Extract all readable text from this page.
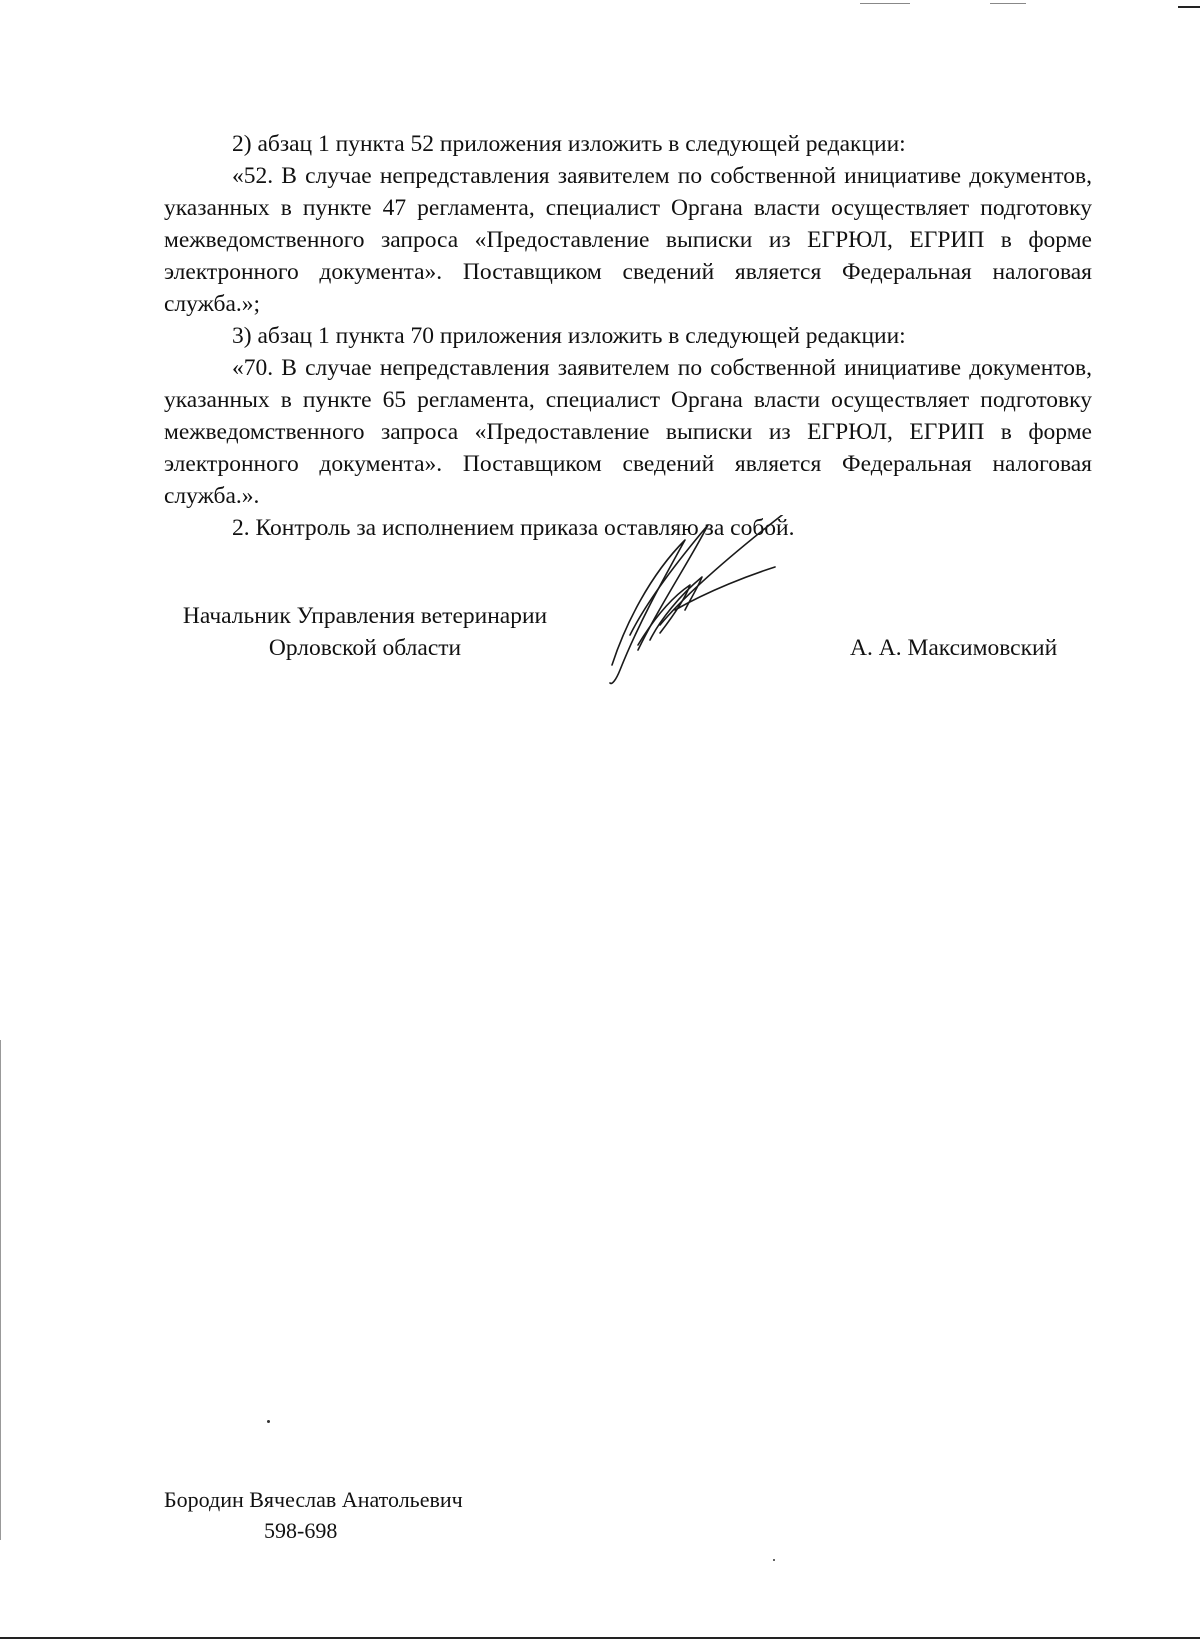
2) абзац 1 пункта 52 приложения изложить в следующей редакции:

«52. В случае непредставления заявителем по собственной инициативе документов, указанных в пункте 47 регламента, специалист Органа власти осуществляет подготовку межведомственного запроса «Предоставление выписки из ЕГРЮЛ, ЕГРИП в форме электронного документа». Поставщиком сведений является Федеральная налоговая служба.»;

3) абзац 1 пункта 70 приложения изложить в следующей редакции:

«70. В случае непредставления заявителем по собственной инициативе документов, указанных в пункте 65 регламента, специалист Органа власти осуществляет подготовку межведомственного запроса «Предоставление выписки из ЕГРЮЛ, ЕГРИП в форме электронного документа». Поставщиком сведений является Федеральная налоговая служба.».

2. Контроль за исполнением приказа оставляю за собой.

Начальник Управления ветеринарии
Орловской области	А. А. Максимовский
Бородин Вячеслав Анатольевич
598-698
